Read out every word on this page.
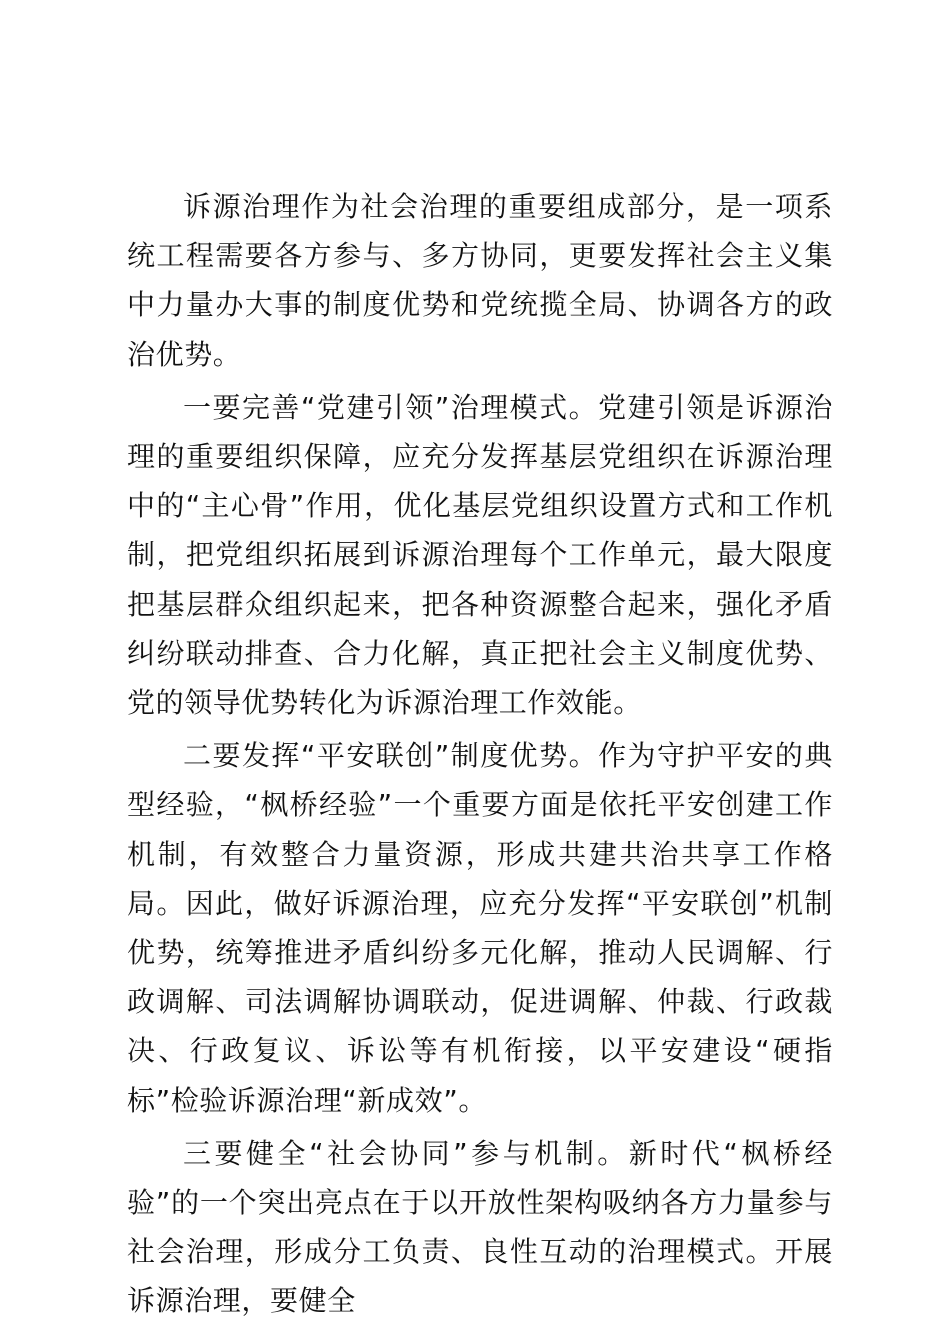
诉源治理作为社会治理的重要组成部分，是一项系统工程需要各方参与、多方协同，更要发挥社会主义集中力量办大事的制度优势和党统揽全局、协调各方的政治优势。

一要完善“党建引领”治理模式。党建引领是诉源治理的重要组织保障，应充分发挥基层党组织在诉源治理中的“主心骨”作用，优化基层党组织设置方式和工作机制，把党组织拓展到诉源治理每个工作单元，最大限度把基层群众组织起来，把各种资源整合起来，强化矛盾纠纷联动排查、合力化解，真正把社会主义制度优势、党的领导优势转化为诉源治理工作效能。

二要发挥“平安联创”制度优势。作为守护平安的典型经验，“枫桥经验”一个重要方面是依托平安创建工作机制，有效整合力量资源，形成共建共治共享工作格局。因此，做好诉源治理，应充分发挥“平安联创”机制优势，统筹推进矛盾纠纷多元化解，推动人民调解、行政调解、司法调解协调联动，促进调解、仲裁、行政裁决、行政复议、诉讼等有机衔接，以平安建设“硬指标”检验诉源治理“新成效”。

三要健全“社会协同”参与机制。新时代“枫桥经验”的一个突出亮点在于以开放性架构吸纳各方力量参与社会治理，形成分工负责、良性互动的治理模式。开展诉源治理，要健全
